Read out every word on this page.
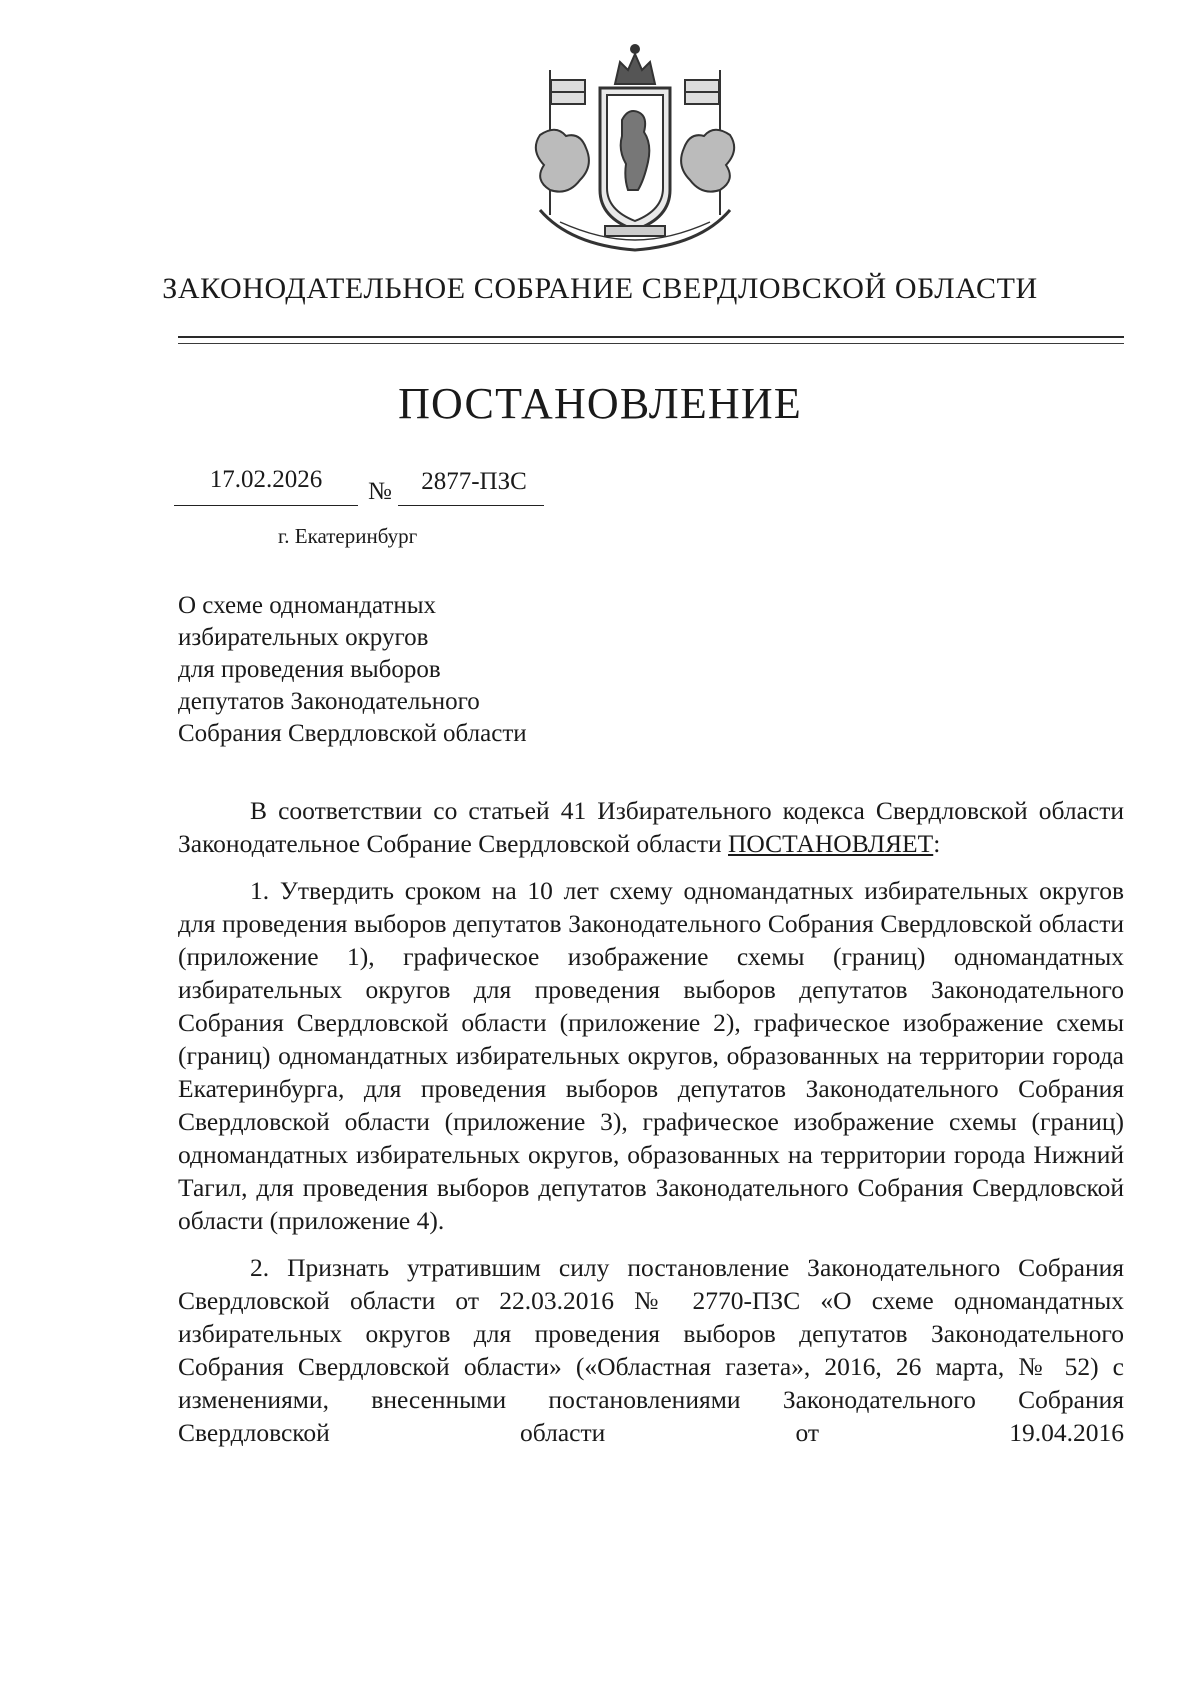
ЗАКОНОДАТЕЛЬНОЕ СОБРАНИЕ СВЕРДЛОВСКОЙ ОБЛАСТИ
ПОСТАНОВЛЕНИЕ
17.02.2026	№	2877-ПЗС
г. Екатеринбург
О схеме одномандатных
избирательных округов
для проведения выборов
депутатов Законодательного
Собрания Свердловской области

В соответствии со статьей 41 Избирательного кодекса Свердловской области Законодательное Собрание Свердловской области ПОСТАНОВЛЯЕТ:

1. Утвердить сроком на 10 лет схему одномандатных избирательных округов для проведения выборов депутатов Законодательного Собрания Свердловской области (приложение 1), графическое изображение схемы (границ) одномандатных избирательных округов для проведения выборов депутатов Законодательного Собрания Свердловской области (приложение 2), графическое изображение схемы (границ) одномандатных избирательных округов, образованных на территории города Екатеринбурга, для проведения выборов депутатов Законодательного Собрания Свердловской области (приложение 3), графическое изображение схемы (границ) одномандатных избирательных округов, образованных на территории города Нижний Тагил, для проведения выборов депутатов Законодательного Собрания Свердловской области (приложение 4).

2. Признать утратившим силу постановление Законодательного Собрания Свердловской области от 22.03.2016 № 2770-ПЗС «О схеме одномандатных избирательных округов для проведения выборов депутатов Законодательного Собрания Свердловской области» («Областная газета», 2016, 26 марта, № 52) с изменениями, внесенными постановлениями Законодательного Собрания Свердловской области от 19.04.2016
